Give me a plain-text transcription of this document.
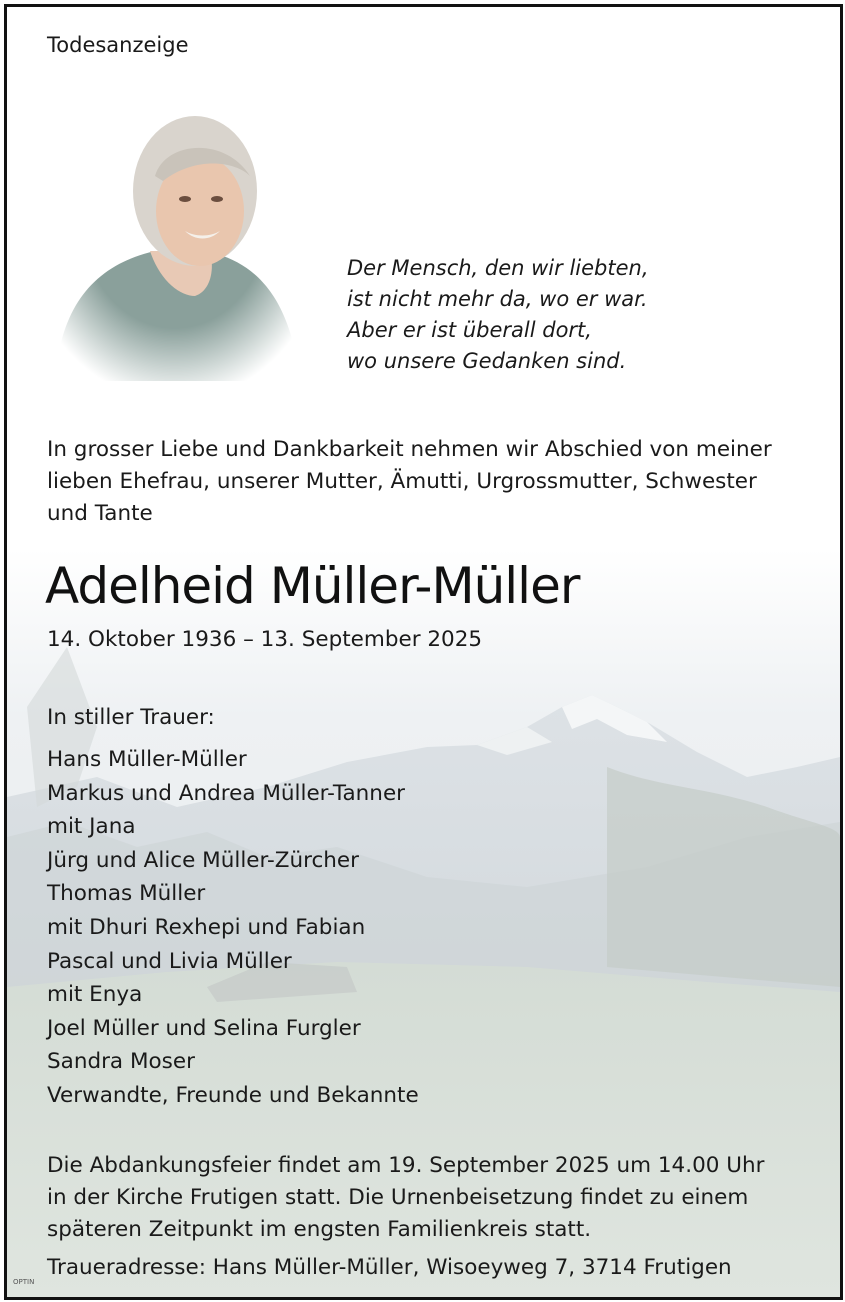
Todesanzeige
Der Mensch, den wir liebten,
ist nicht mehr da, wo er war.
Aber er ist überall dort,
wo unsere Gedanken sind.
In grosser Liebe und Dankbarkeit nehmen wir Abschied von meiner
lieben Ehefrau, unserer Mutter, Ämutti, Urgrossmutter, Schwester
und Tante
Adelheid Müller-Müller
14. Oktober 1936 – 13. September 2025
In stiller Trauer:
Hans Müller-Müller
Markus und Andrea Müller-Tanner
mit Jana
Jürg und Alice Müller-Zürcher
Thomas Müller
mit Dhuri Rexhepi und Fabian
Pascal und Livia Müller
mit Enya
Joel Müller und Selina Furgler
Sandra Moser
Verwandte, Freunde und Bekannte
Die Abdankungsfeier findet am 19. September 2025 um 14.00 Uhr
in der Kirche Frutigen statt. Die Urnenbeisetzung findet zu einem
späteren Zeitpunkt im engsten Familienkreis statt.
Traueradresse: Hans Müller-Müller, Wisoeyweg 7, 3714 Frutigen
OPTIN
